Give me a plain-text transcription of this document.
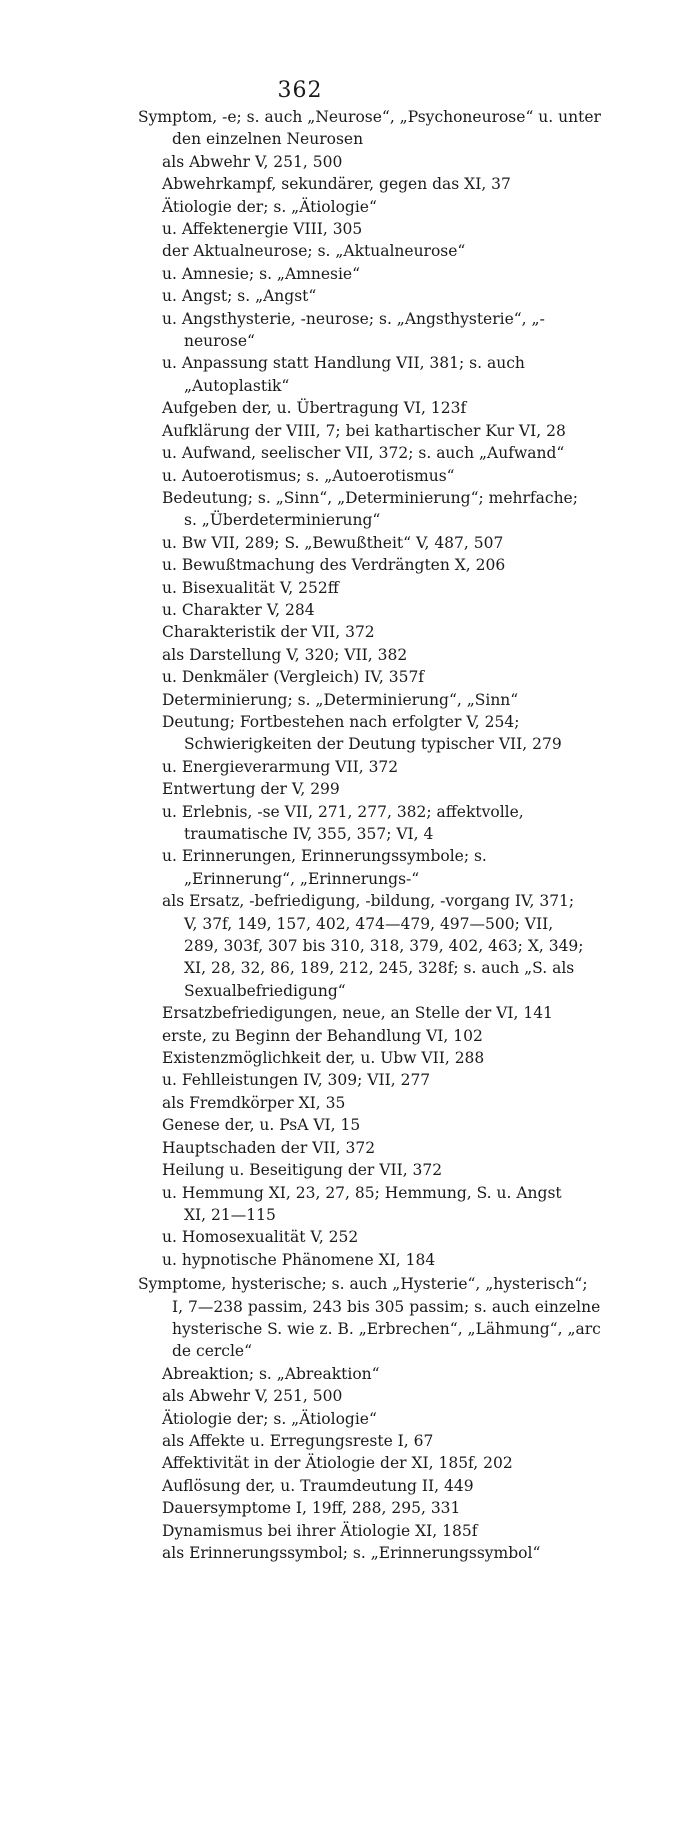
362
Symptom, -e; s. auch „Neurose“, „Psychoneurose“ u. unter den einzelnen Neurosen
als Abwehr V, 251, 500
Abwehrkampf, sekundärer, gegen das XI, 37
Ätiologie der; s. „Ätiologie“
u. Affektenergie VIII, 305
der Aktualneurose; s. „Aktualneurose“
u. Amnesie; s. „Amnesie“
u. Angst; s. „Angst“
u. Angsthysterie, -neurose; s. „Angsthysterie“, „-neurose“
u. Anpassung statt Handlung VII, 381; s. auch „Autoplastik“
Aufgeben der, u. Übertragung VI, 123f
Aufklärung der VIII, 7; bei kathartischer Kur VI, 28
u. Aufwand, seelischer VII, 372; s. auch „Aufwand“
u. Autoerotismus; s. „Autoerotismus“
Bedeutung; s. „Sinn“, „Determinierung“; mehrfache; s. „Überdeterminierung“
u. Bw VII, 289; S. „Bewußtheit“ V, 487, 507
u. Bewußtmachung des Verdrängten X, 206
u. Bisexualität V, 252ff
u. Charakter V, 284
Charakteristik der VII, 372
als Darstellung V, 320; VII, 382
u. Denkmäler (Vergleich) IV, 357f
Determinierung; s. „Determinierung“, „Sinn“
Deutung; Fortbestehen nach erfolgter V, 254; Schwierigkeiten der Deutung typischer VII, 279
u. Energieverarmung VII, 372
Entwertung der V, 299
u. Erlebnis, -se VII, 271, 277, 382; affektvolle, traumatische IV, 355, 357; VI, 4
u. Erinnerungen, Erinnerungssymbole; s. „Erinnerung“, „Erinnerungs-“
als Ersatz, -befriedigung, -bildung, -vorgang IV, 371; V, 37f, 149, 157, 402, 474—479, 497—500; VII, 289, 303f, 307 bis 310, 318, 379, 402, 463; X, 349; XI, 28, 32, 86, 189, 212, 245, 328f; s. auch „S. als Sexualbefriedigung“
Ersatzbefriedigungen, neue, an Stelle der VI, 141
erste, zu Beginn der Behandlung VI, 102
Existenzmöglichkeit der, u. Ubw VII, 288
u. Fehlleistungen IV, 309; VII, 277
als Fremdkörper XI, 35
Genese der, u. PsA VI, 15
Hauptschaden der VII, 372
Heilung u. Beseitigung der VII, 372
u. Hemmung XI, 23, 27, 85; Hemmung, S. u. Angst XI, 21—115
u. Homosexualität V, 252
u. hypnotische Phänomene XI, 184
Symptome, hysterische; s. auch „Hysterie“, „hysterisch“; I, 7—238 passim, 243 bis 305 passim; s. auch einzelne hysterische S. wie z. B. „Erbrechen“, „Lähmung“, „arc de cercle“
Abreaktion; s. „Abreaktion“
als Abwehr V, 251, 500
Ätiologie der; s. „Ätiologie“
als Affekte u. Erregungsreste I, 67
Affektivität in der Ätiologie der XI, 185f, 202
Auflösung der, u. Traumdeutung II, 449
Dauersymptome I, 19ff, 288, 295, 331
Dynamismus bei ihrer Ätiologie XI, 185f
als Erinnerungssymbol; s. „Erinnerungssymbol“
